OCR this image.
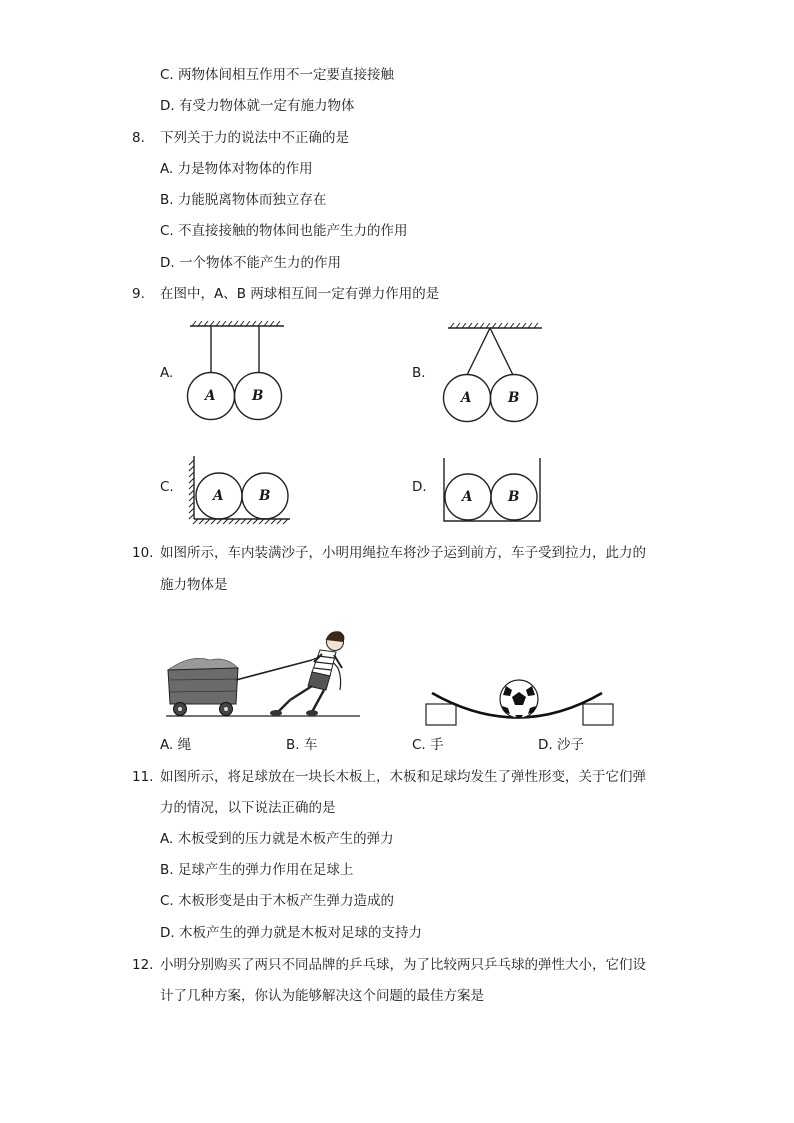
C. 两物体间相互作用不一定要直接接触
D. 有受力物体就一定有施力物体
8. 下列关于力的说法中不正确的是
A. 力是物体对物体的作用
B. 力能脱离物体而独立存在
C. 不直接接触的物体间也能产生力的作用
D. 一个物体不能产生力的作用
9. 在图中，A、B 两球相互间一定有弹力作用的是
A.	B.
C.	D.
A	B	A	B
A	B	A	B
10. 如图所示，车内装满沙子，小明用绳拉车将沙子运到前方，车子受到拉力，此力的
施力物体是
A. 绳	B. 车	C. 手	D. 沙子
11. 如图所示，将足球放在一块长木板上，木板和足球均发生了弹性形变，关于它们弹
力的情况，以下说法正确的是
A. 木板受到的压力就是木板产生的弹力
B. 足球产生的弹力作用在足球上
C. 木板形变是由于木板产生弹力造成的
D. 木板产生的弹力就是木板对足球的支持力
12. 小明分别购买了两只不同品牌的乒乓球，为了比较两只乒乓球的弹性大小，它们设
计了几种方案，你认为能够解决这个问题的最佳方案是
